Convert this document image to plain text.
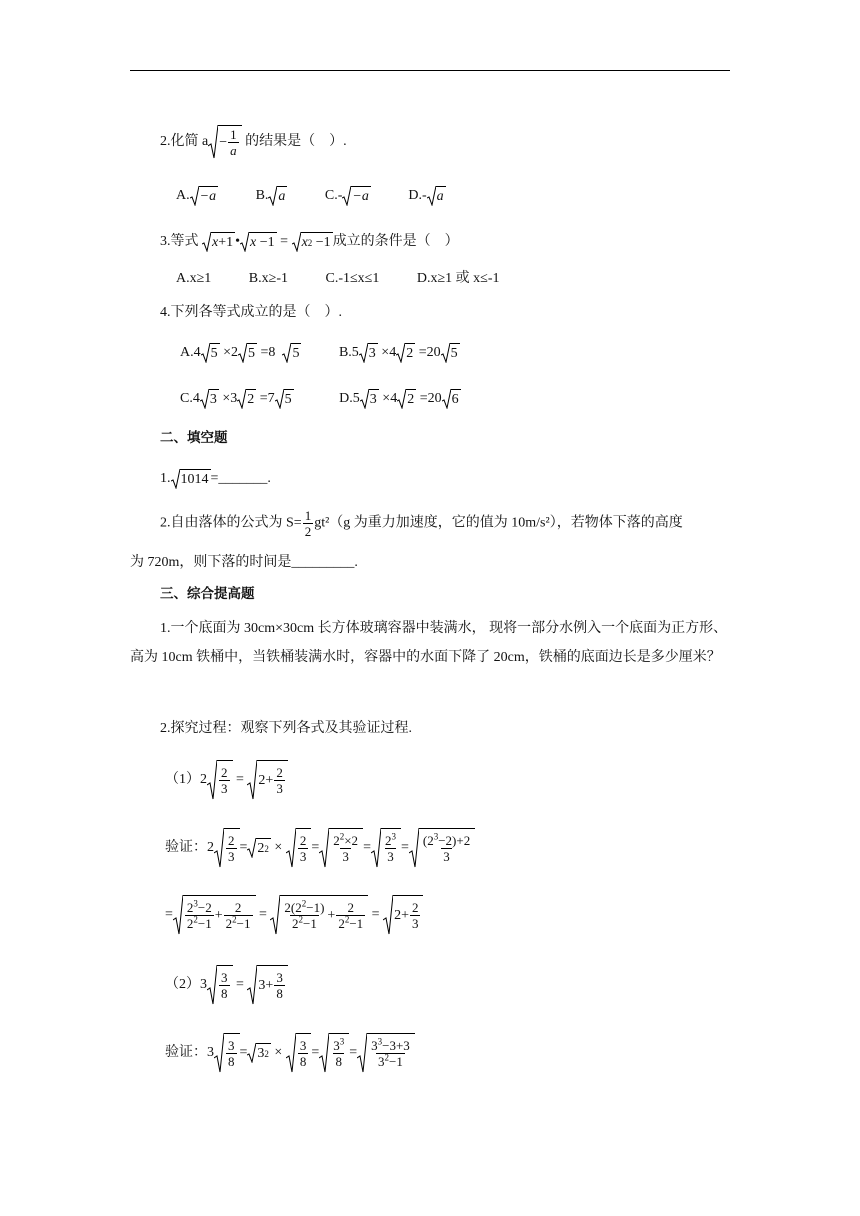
2.化简 $a - \frac{1}{a}$ 的结果是（　）.
A. −a	B. a	C.- −a	D.- a
3.等式 x +1 • x −1 = x 2 −1 成立的条件是（　）
A.x≥1	B.x≥-1	C.-1≤x≤1	D.x≥1 或 x≤-1
4.下列各等式成立的是（　）.
A.4 5 ×2 5 =8 5	B.5 3 ×4 2 =20 5
C.4 3 ×3 2 =7 5	D.5 3 ×4 2 =20 6
二、填空题
1. 1014 =_______.
2.自由落体的公式为 $S= \frac{1}{2} gt^2(g$ 为重力加速度，它的值为 10m/s²），若物体下落的高度
为 720m，则下落的时间是_________.
三、综合提高题
1.一个底面为 30cm×30cm 长方体玻璃容器中装满水， 现将一部分水例入一个底面为正方形、高为 10cm 铁桶中，当铁桶装满水时，容器中的水面下降了 20cm，铁桶的底面边长是多少厘米？
2.探究过程：观察下列各式及其验证过程.
$(1)2 \frac{2}{3} = 2+ \frac{2}{3}$
验证： $2 \frac{2}{3} = 2$ 2
×
$\frac{2}{3} = \frac{2^2\times 2}{3} = \frac{2^3}{3} = \frac{(2^3-2)+2}{3}$
= $\frac{2^3-2}{2^2-1} + \frac{2}{2^2-1} = \frac{2(2^2-1)}{2^2-1} + \frac{2}{2^2-1} = 2+ \frac{2}{3}$
$(2)3 \frac{3}{8} = 3+ \frac{3}{8}$
验证： $3 \frac{3}{8} = 3$ 2
×
$\frac{3}{8} = \frac{3^3}{8} = \frac{3^3-3+3}{3^2-1}$
